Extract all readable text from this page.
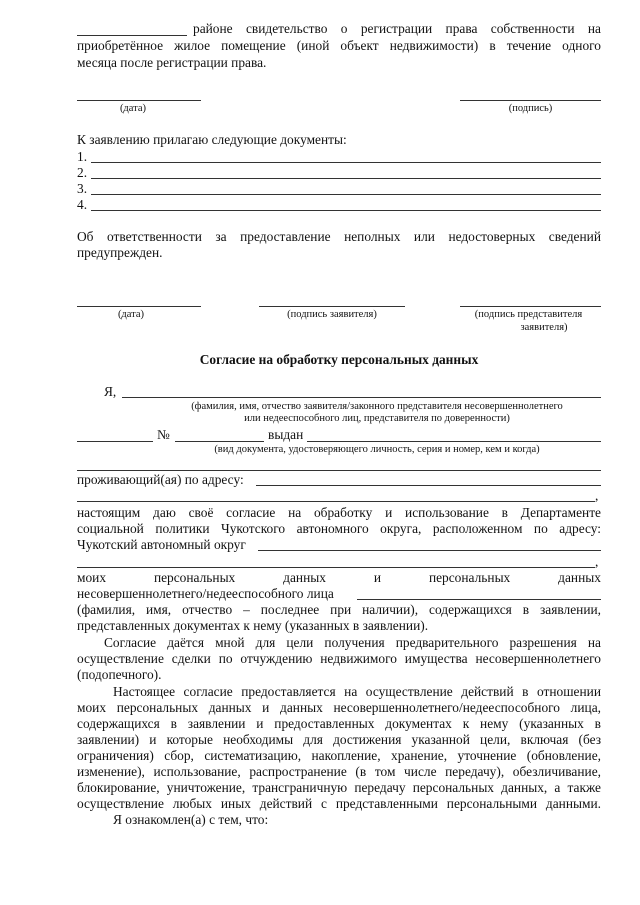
районе свидетельство о регистрации права собственности на
приобретённое жилое помещение (иной объект недвижимости) в течение одного
месяца после регистрации права.
(дата)	(подпись)
К заявлению прилагаю следующие документы:
1.
2.
3.
4.
Об ответственности за предоставление неполных или недостоверных сведений
предупрежден.
(дата)	(подпись заявителя)	(подпись представителя
заявителя)
Согласие на обработку персональных данных
Я,
(фамилия, имя, отчество заявителя/законного представителя несовершеннолетнего
или недееспособного лиц, представителя по доверенности)
№	выдан
(вид документа, удостоверяющего личность, серия и номер, кем и когда)
проживающий(ая) по адресу:
,
настоящим даю своё согласие на обработку и использование в Департаменте
социальной политики Чукотского автономного округа, расположенном по адресу:
Чукотский автономный округ
,
моих	персональных	данных	и	персональных	данных
несовершеннолетнего/недееспособного лица
(фамилия, имя, отчество – последнее при наличии), содержащихся в заявлении,
представленных документах к нему (указанных в заявлении).
Согласие даётся мной для цели получения предварительного разрешения на
осуществление сделки по отчуждению недвижимого имущества несовершеннолетнего
(подопечного).
Настоящее согласие предоставляется на осуществление действий в отношении
моих персональных данных и данных несовершеннолетнего/недееспособного лица,
содержащихся в заявлении и предоставленных документах к нему (указанных в
заявлении) и которые необходимы для достижения указанной цели, включая (без
ограничения) сбор, систематизацию, накопление, хранение, уточнение (обновление,
изменение), использование, распространение (в том числе передачу), обезличивание,
блокирование, уничтожение, трансграничную передачу персональных данных, а также
осуществление любых иных действий с представленными персональными данными.
Я ознакомлен(а) с тем, что:
